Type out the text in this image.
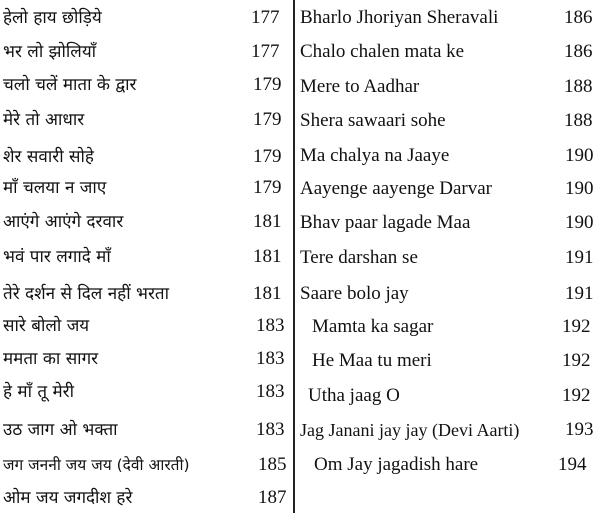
हेलो हाय छोड़िये	177
भर लो झोलियाँ	177
चलो चलें माता के द्वार	179
मेरे तो आधार	179
शेर सवारी सोहे	179
माँ चलया न जाए	179
आएंगे आएंगे दरवार	181
भवं पार लगादे माँ	181
तेरे दर्शन से दिल नहीं भरता	181
सारे बोलो जय	183
ममता का सागर	183
हे माँ तू मेरी	183
उठ जाग ओ भक्ता	183
जग जननी जय जय (देवी आरती)	185
ओम जय जगदीश हरे	187
Bharlo Jhoriyan Sheravali	186
Chalo chalen mata ke	186
Mere to Aadhar	188
Shera sawaari sohe	188
Ma chalya na Jaaye	190
Aayenge aayenge Darvar	190
Bhav paar lagade Maa	190
Tere darshan se	191
Saare bolo jay	191
Mamta ka sagar	192
He Maa tu meri	192
Utha jaag O	192
Jag Janani jay jay (Devi Aarti) 193
Om Jay jagadish hare	194
